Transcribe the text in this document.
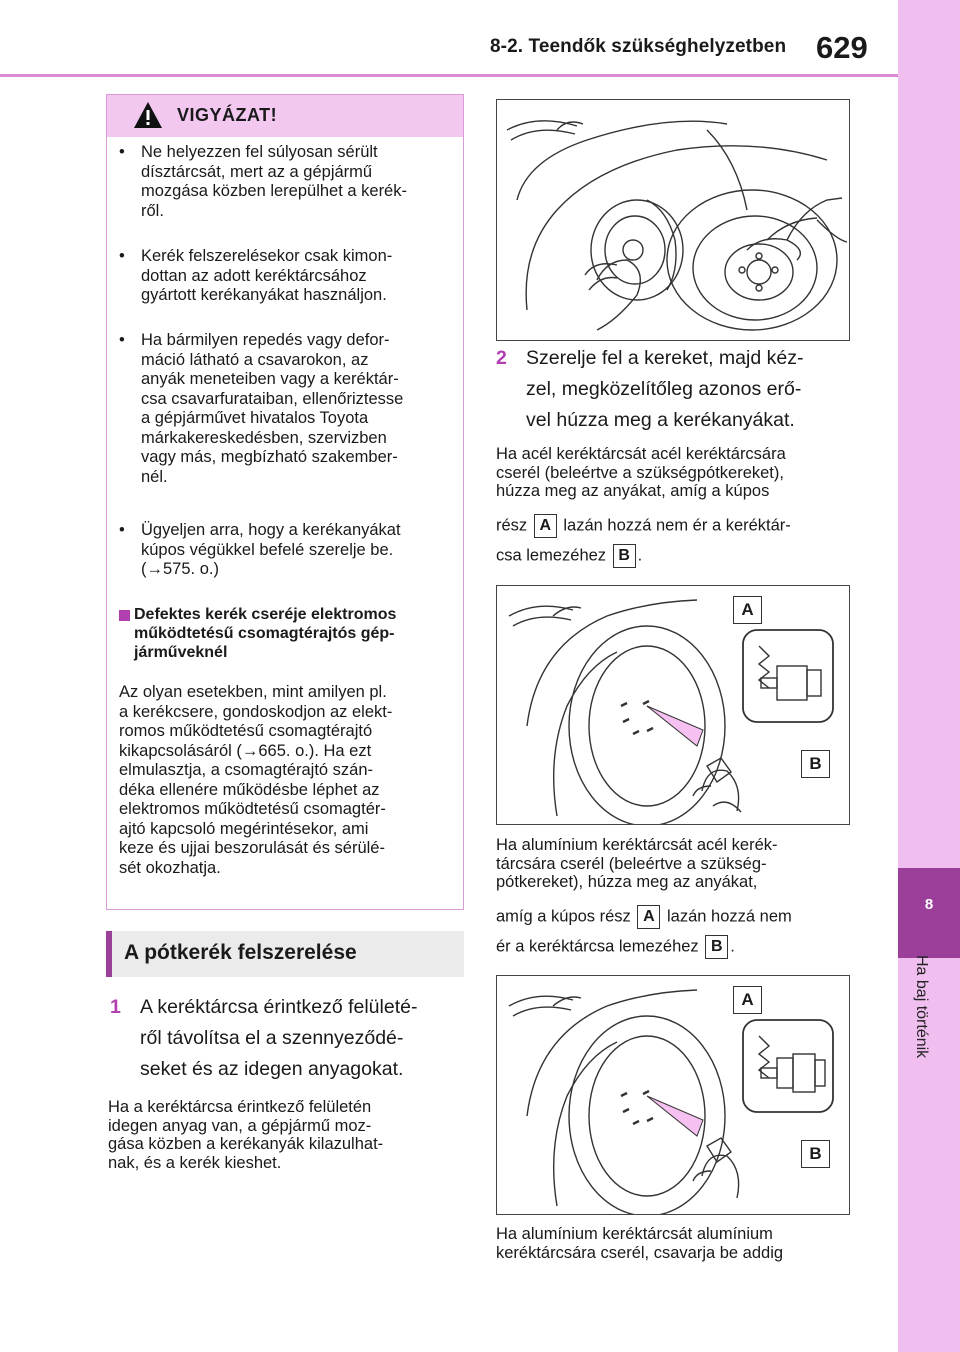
8-2. Teendők szükséghelyzetben 629
8
Ha baj történik
VIGYÁZAT!
• Ne helyezzen fel súlyosan sérült
dísztárcsát, mert az a gépjármű
mozgása közben lerepülhet a kerék-
ről.
• Kerék felszerelésekor csak kimon-
dottan az adott keréktárcsához
gyártott kerékanyákat használjon.
• Ha bármilyen repedés vagy defor-
máció látható a csavarokon, az
anyák meneteiben vagy a keréktár-
csa csavarfurataiban, ellenőriztesse
a gépjárművet hivatalos Toyota
márkakereskedésben, szervizben
vagy más, megbízható szakember-
nél.
• Ügyeljen arra, hogy a kerékanyákat
kúpos végükkel befelé szerelje be.
(→575. o.)
Defektes kerék cseréje elektromos
működtetésű csomagtérajtós gép-
járműveknél
Az olyan esetekben, mint amilyen pl.
a kerékcsere, gondoskodjon az elekt-
romos működtetésű csomagtérajtó
kikapcsolásáról (→665. o.). Ha ezt
elmulasztja, a csomagtérajtó szán-
déka ellenére működésbe léphet az
elektromos működtetésű csomagtér-
ajtó kapcsoló megérintésekor, ami
keze és ujjai beszorulását és sérülé-
sét okozhatja.
A pótkerék felszerelése
1 A keréktárcsa érintkező felületé-
ről távolítsa el a szennyeződé-
seket és az idegen anyagokat.
Ha a keréktárcsa érintkező felületén
idegen anyag van, a gépjármű moz-
gása közben a kerékanyák kilazulhat-
nak, és a kerék kieshet.
2 Szerelje fel a kereket, majd kéz-
zel, megközelítőleg azonos erő-
vel húzza meg a kerékanyákat.
Ha acél keréktárcsát acél keréktárcsára
cserél (beleértve a szükségpótkereket),
húzza meg az anyákat, amíg a kúpos
rész A lazán hozzá nem ér a keréktár-
csa lemezéhez B .
A
B
Ha alumínium keréktárcsát acél kerék-
tárcsára cserél (beleértve a szükség-
pótkereket), húzza meg az anyákat,
amíg a kúpos rész A lazán hozzá nem
ér a keréktárcsa lemezéhez B .
A
B
Ha alumínium keréktárcsát alumínium
keréktárcsára cserél, csavarja be addig
